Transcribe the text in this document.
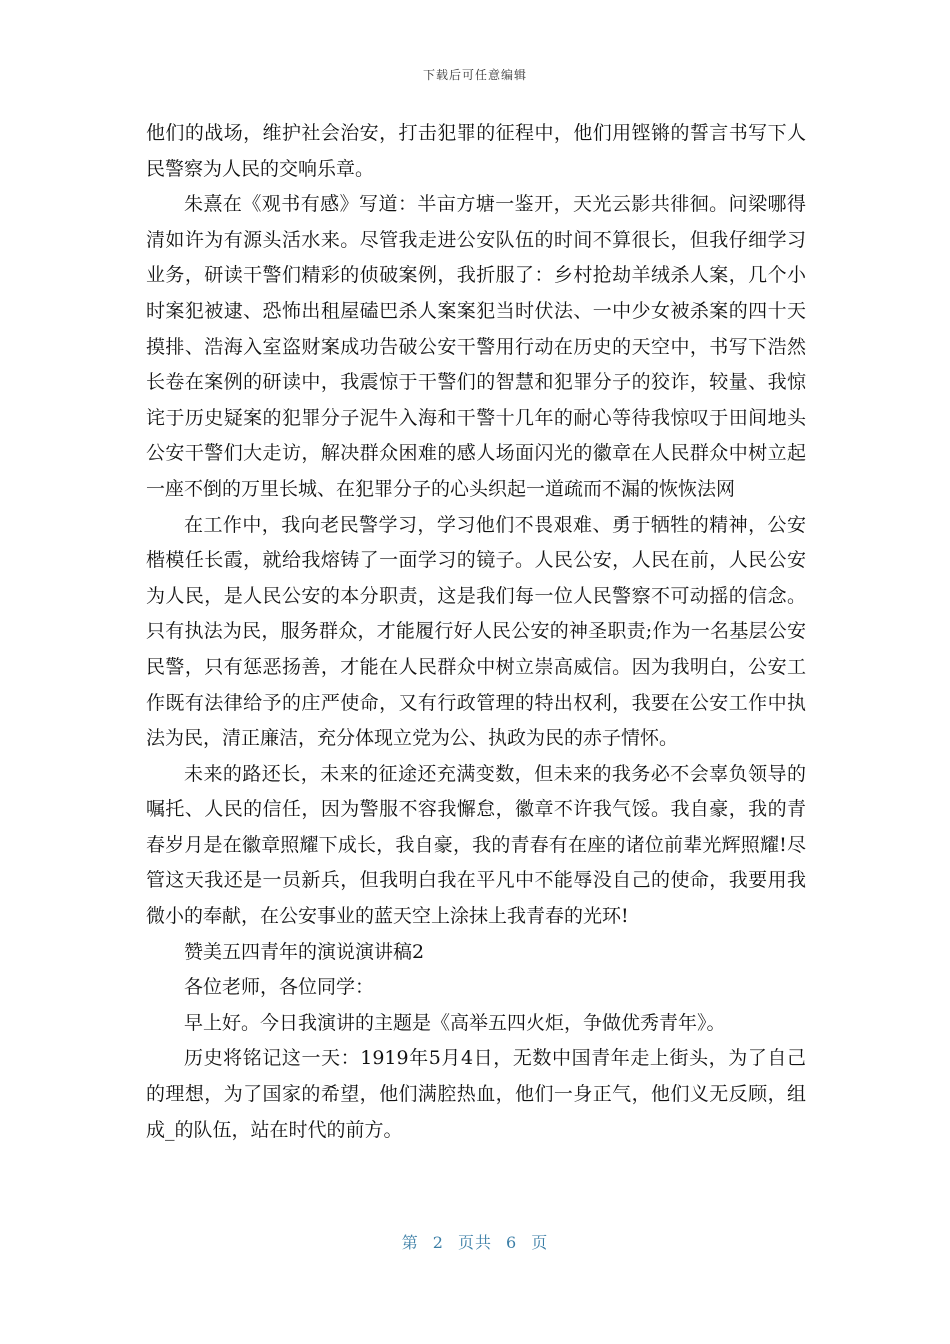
下载后可任意编辑

他们的战场，维护社会治安，打击犯罪的征程中，他们用铿锵的誓言书写下人民警察为人民的交响乐章。

朱熹在《观书有感》写道：半亩方塘一鉴开，天光云影共徘徊。问梁哪得清如许为有源头活水来。尽管我走进公安队伍的时间不算很长，但我仔细学习业务，研读干警们精彩的侦破案例，我折服了：乡村抢劫羊绒杀人案，几个小时案犯被逮、恐怖出租屋磕巴杀人案案犯当时伏法、一中少女被杀案的四十天摸排、浩海入室盗财案成功告破公安干警用行动在历史的天空中，书写下浩然长卷在案例的研读中，我震惊于干警们的智慧和犯罪分子的狡诈，较量、我惊诧于历史疑案的犯罪分子泥牛入海和干警十几年的耐心等待我惊叹于田间地头公安干警们大走访，解决群众困难的感人场面闪光的徽章在人民群众中树立起一座不倒的万里长城、在犯罪分子的心头织起一道疏而不漏的恢恢法网

在工作中，我向老民警学习，学习他们不畏艰难、勇于牺牲的精神，公安楷模任长霞，就给我熔铸了一面学习的镜子。人民公安，人民在前，人民公安为人民，是人民公安的本分职责，这是我们每一位人民警察不可动摇的信念。只有执法为民，服务群众，才能履行好人民公安的神圣职责;作为一名基层公安民警，只有惩恶扬善，才能在人民群众中树立崇高威信。因为我明白，公安工作既有法律给予的庄严使命，又有行政管理的特出权利，我要在公安工作中执法为民，清正廉洁，充分体现立党为公、执政为民的赤子情怀。

未来的路还长，未来的征途还充满变数，但未来的我务必不会辜负领导的嘱托、人民的信任，因为警服不容我懈怠，徽章不许我气馁。我自豪，我的青春岁月是在徽章照耀下成长，我自豪，我的青春有在座的诸位前辈光辉照耀!尽管这天我还是一员新兵，但我明白我在平凡中不能辱没自己的使命，我要用我微小的奉献，在公安事业的蓝天空上涂抹上我青春的光环!

赞美五四青年的演说演讲稿2

各位老师，各位同学：

早上好。今日我演讲的主题是《高举五四火炬，争做优秀青年》。

历史将铭记这一天：1919年5月4日，无数中国青年走上街头，为了自己的理想，为了国家的希望，他们满腔热血，他们一身正气，他们义无反顾，组成_的队伍，站在时代的前方。

第 2 页共 6 页
